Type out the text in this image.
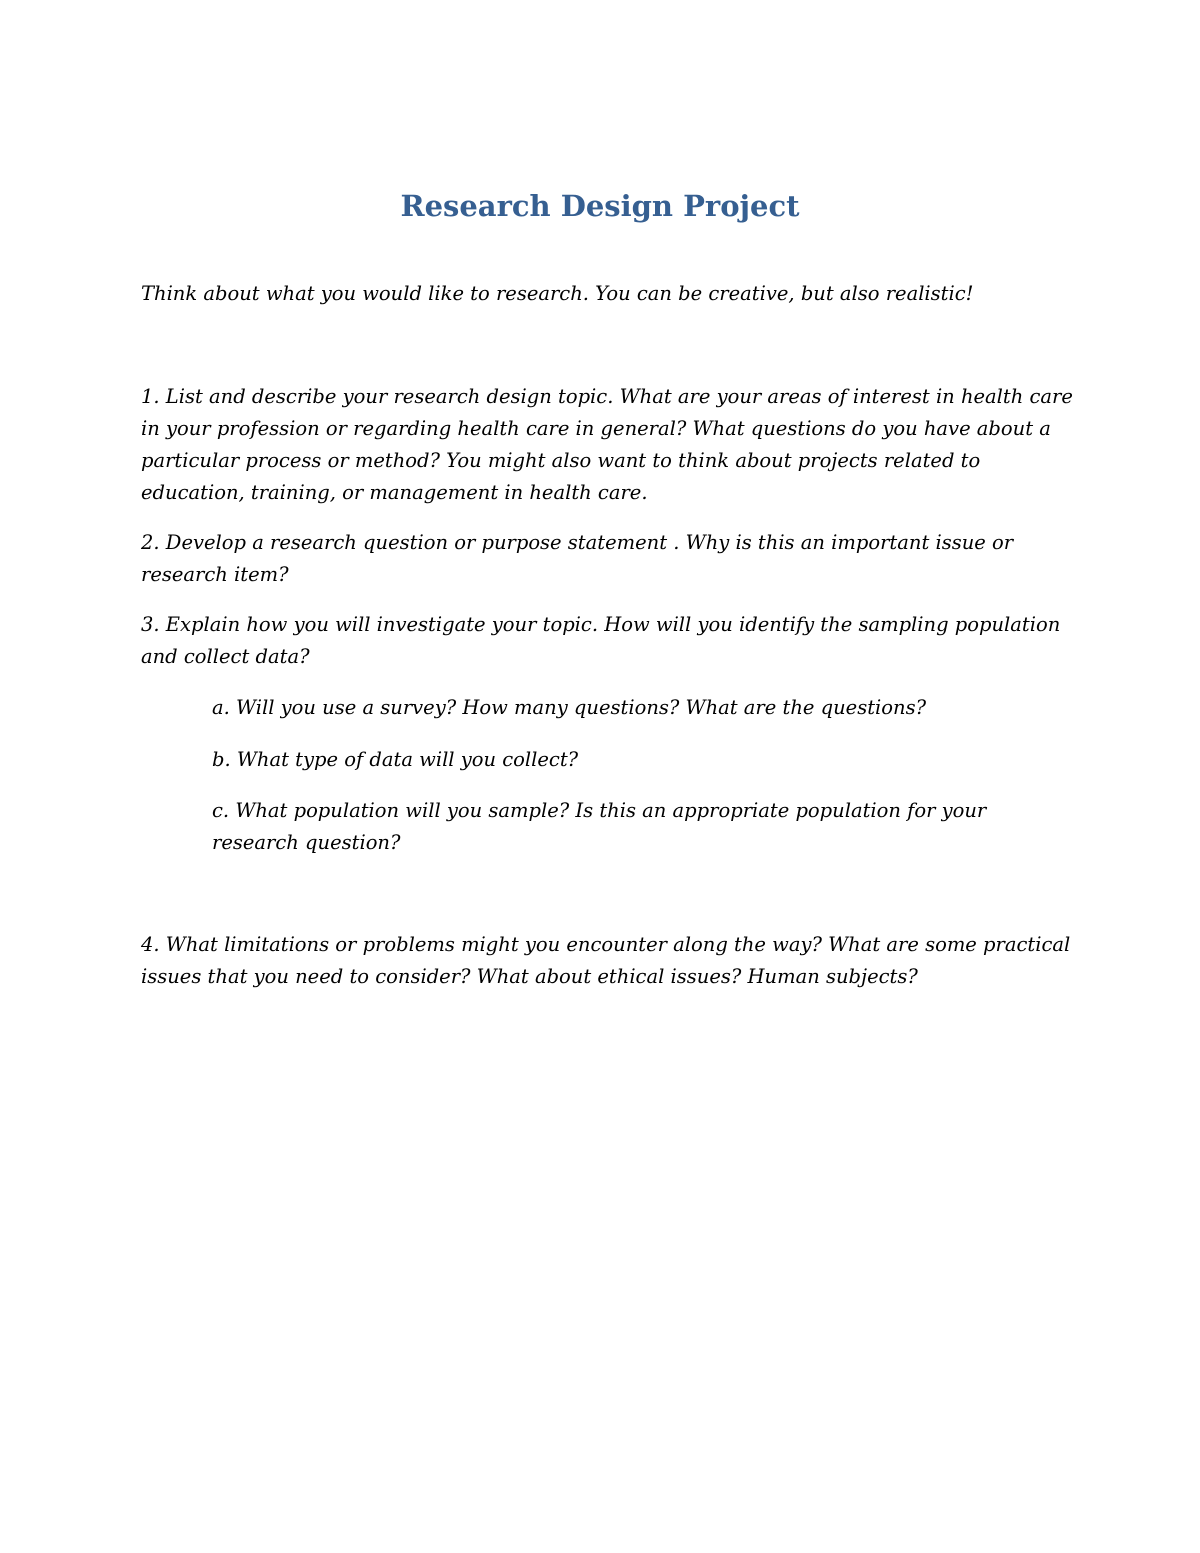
Research Design Project

Think about what you would like to research. You can be creative, but also realistic!

1. List and describe your research design topic. What are your areas of interest in health care
in your profession or regarding health care in general? What questions do you have about a
particular process or method? You might also want to think about projects related to
education, training, or management in health care.
2. Develop a research question or purpose statement . Why is this an important issue or
research item?
3. Explain how you will investigate your topic. How will you identify the sampling population
and collect data?

a. Will you use a survey? How many questions? What are the questions?

b. What type of data will you collect?

c. What population will you sample? Is this an appropriate population for your
research question?
4. What limitations or problems might you encounter along the way? What are some practical
issues that you need to consider? What about ethical issues? Human subjects?
